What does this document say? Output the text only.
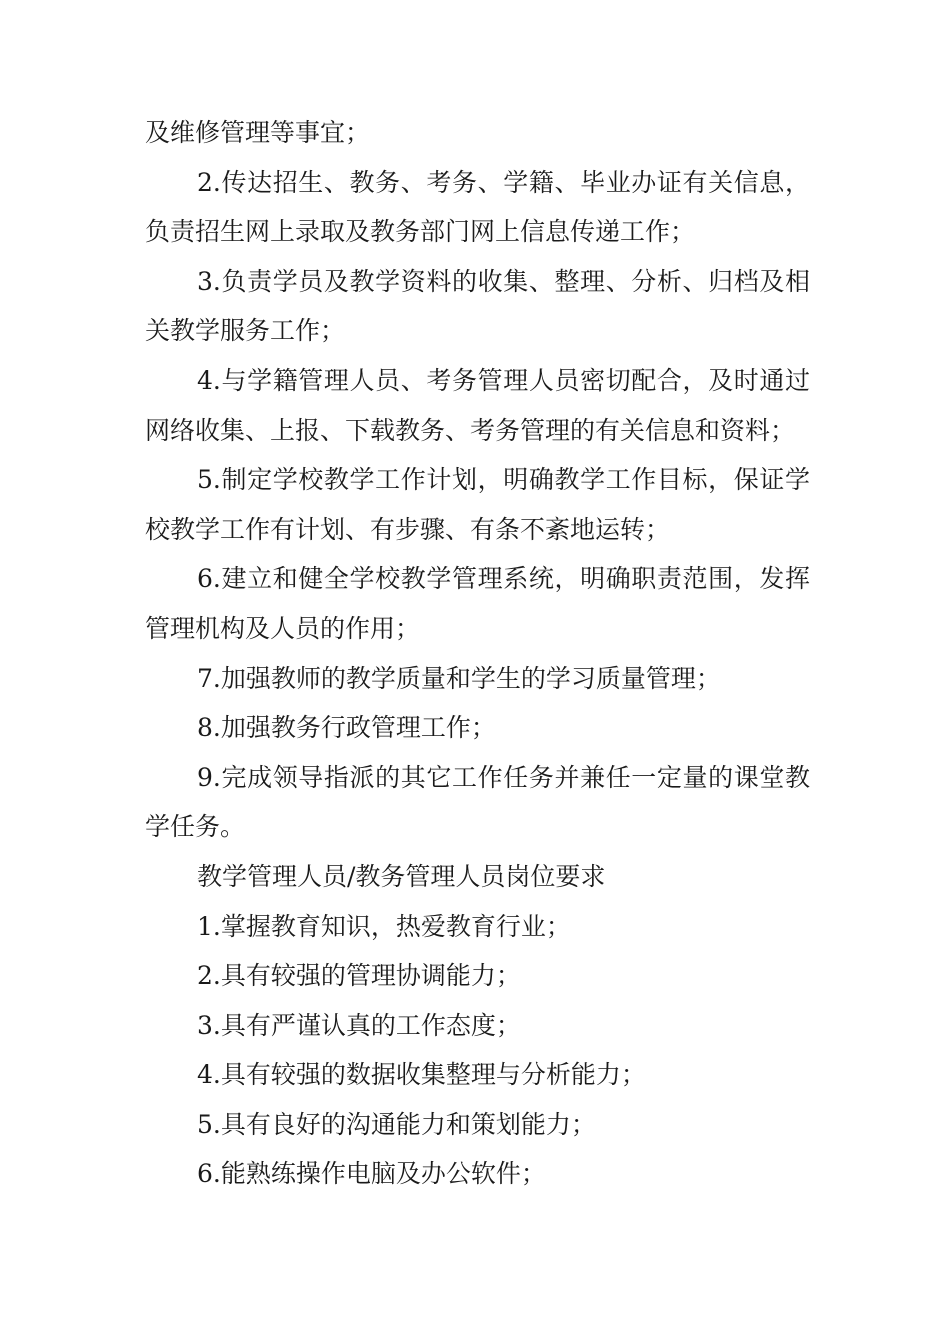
及维修管理等事宜；

2.传达招生、教务、考务、学籍、毕业办证有关信息，负责招生网上录取及教务部门网上信息传递工作；

3.负责学员及教学资料的收集、整理、分析、归档及相关教学服务工作；

4.与学籍管理人员、考务管理人员密切配合，及时通过网络收集、上报、下载教务、考务管理的有关信息和资料；

5.制定学校教学工作计划，明确教学工作目标，保证学校教学工作有计划、有步骤、有条不紊地运转；

6.建立和健全学校教学管理系统，明确职责范围，发挥管理机构及人员的作用；

7.加强教师的教学质量和学生的学习质量管理；

8.加强教务行政管理工作；

9.完成领导指派的其它工作任务并兼任一定量的课堂教学任务。

教学管理人员/教务管理人员岗位要求

1.掌握教育知识，热爱教育行业；

2.具有较强的管理协调能力；

3.具有严谨认真的工作态度；

4.具有较强的数据收集整理与分析能力；

5.具有良好的沟通能力和策划能力；

6.能熟练操作电脑及办公软件；
